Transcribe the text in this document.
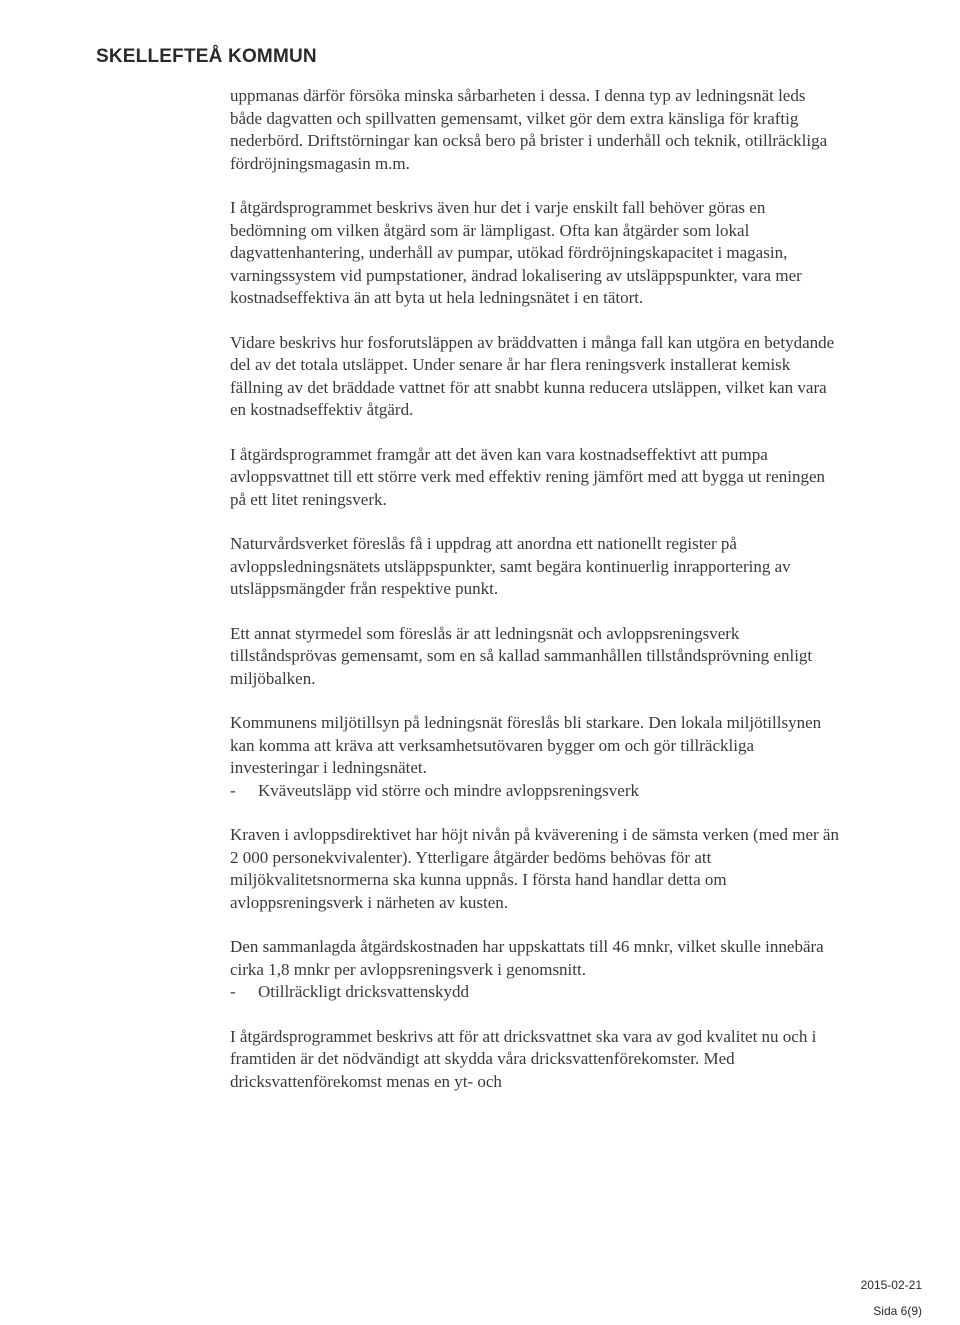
SKELLEFTEÅ KOMMUN

uppmanas därför försöka minska sårbarheten i dessa. I denna typ av ledningsnät leds både dagvatten och spillvatten gemensamt, vilket gör dem extra känsliga för kraftig nederbörd. Driftstörningar kan också bero på brister i underhåll och teknik, otillräckliga fördröjningsmagasin m.m.

I åtgärdsprogrammet beskrivs även hur det i varje enskilt fall behöver göras en bedömning om vilken åtgärd som är lämpligast. Ofta kan åtgärder som lokal dagvattenhantering, underhåll av pumpar, utökad fördröjningskapacitet i magasin, varningssystem vid pumpstationer, ändrad lokalisering av utsläppspunkter, vara mer kostnadseffektiva än att byta ut hela ledningsnätet i en tätort.

Vidare beskrivs hur fosforutsläppen av bräddvatten i många fall kan utgöra en betydande del av det totala utsläppet. Under senare år har flera reningsverk installerat kemisk fällning av det bräddade vattnet för att snabbt kunna reducera utsläppen, vilket kan vara en kostnadseffektiv åtgärd.

I åtgärdsprogrammet framgår att det även kan vara kostnadseffektivt att pumpa avloppsvattnet till ett större verk med effektiv rening jämfört med att bygga ut reningen på ett litet reningsverk.

Naturvårdsverket föreslås få i uppdrag att anordna ett nationellt register på avloppsledningsnätets utsläppspunkter, samt begära kontinuerlig inrapportering av utsläppsmängder från respektive punkt.

Ett annat styrmedel som föreslås är att ledningsnät och avloppsreningsverk tillståndsprövas gemensamt, som en så kallad sammanhållen tillståndsprövning enligt miljöbalken.

Kommunens miljötillsyn på ledningsnät föreslås bli starkare. Den lokala miljötillsynen kan komma att kräva att verksamhetsutövaren bygger om och gör tillräckliga investeringar i ledningsnätet.

-	Kväveutsläpp vid större och mindre avloppsreningsverk

Kraven i avloppsdirektivet har höjt nivån på kväverening i de sämsta verken (med mer än 2 000 personekvivalenter). Ytterligare åtgärder bedöms behövas för att miljökvalitetsnormerna ska kunna uppnås. I första hand handlar detta om avloppsreningsverk i närheten av kusten.

Den sammanlagda åtgärdskostnaden har uppskattats till 46 mnkr, vilket skulle innebära cirka 1,8 mnkr per avloppsreningsverk i genomsnitt.

-	Otillräckligt dricksvattenskydd

I åtgärdsprogrammet beskrivs att för att dricksvattnet ska vara av god kvalitet nu och i framtiden är det nödvändigt att skydda våra dricksvattenförekomster. Med dricksvattenförekomst menas en yt- och

2015-02-21
Sida 6(9)
